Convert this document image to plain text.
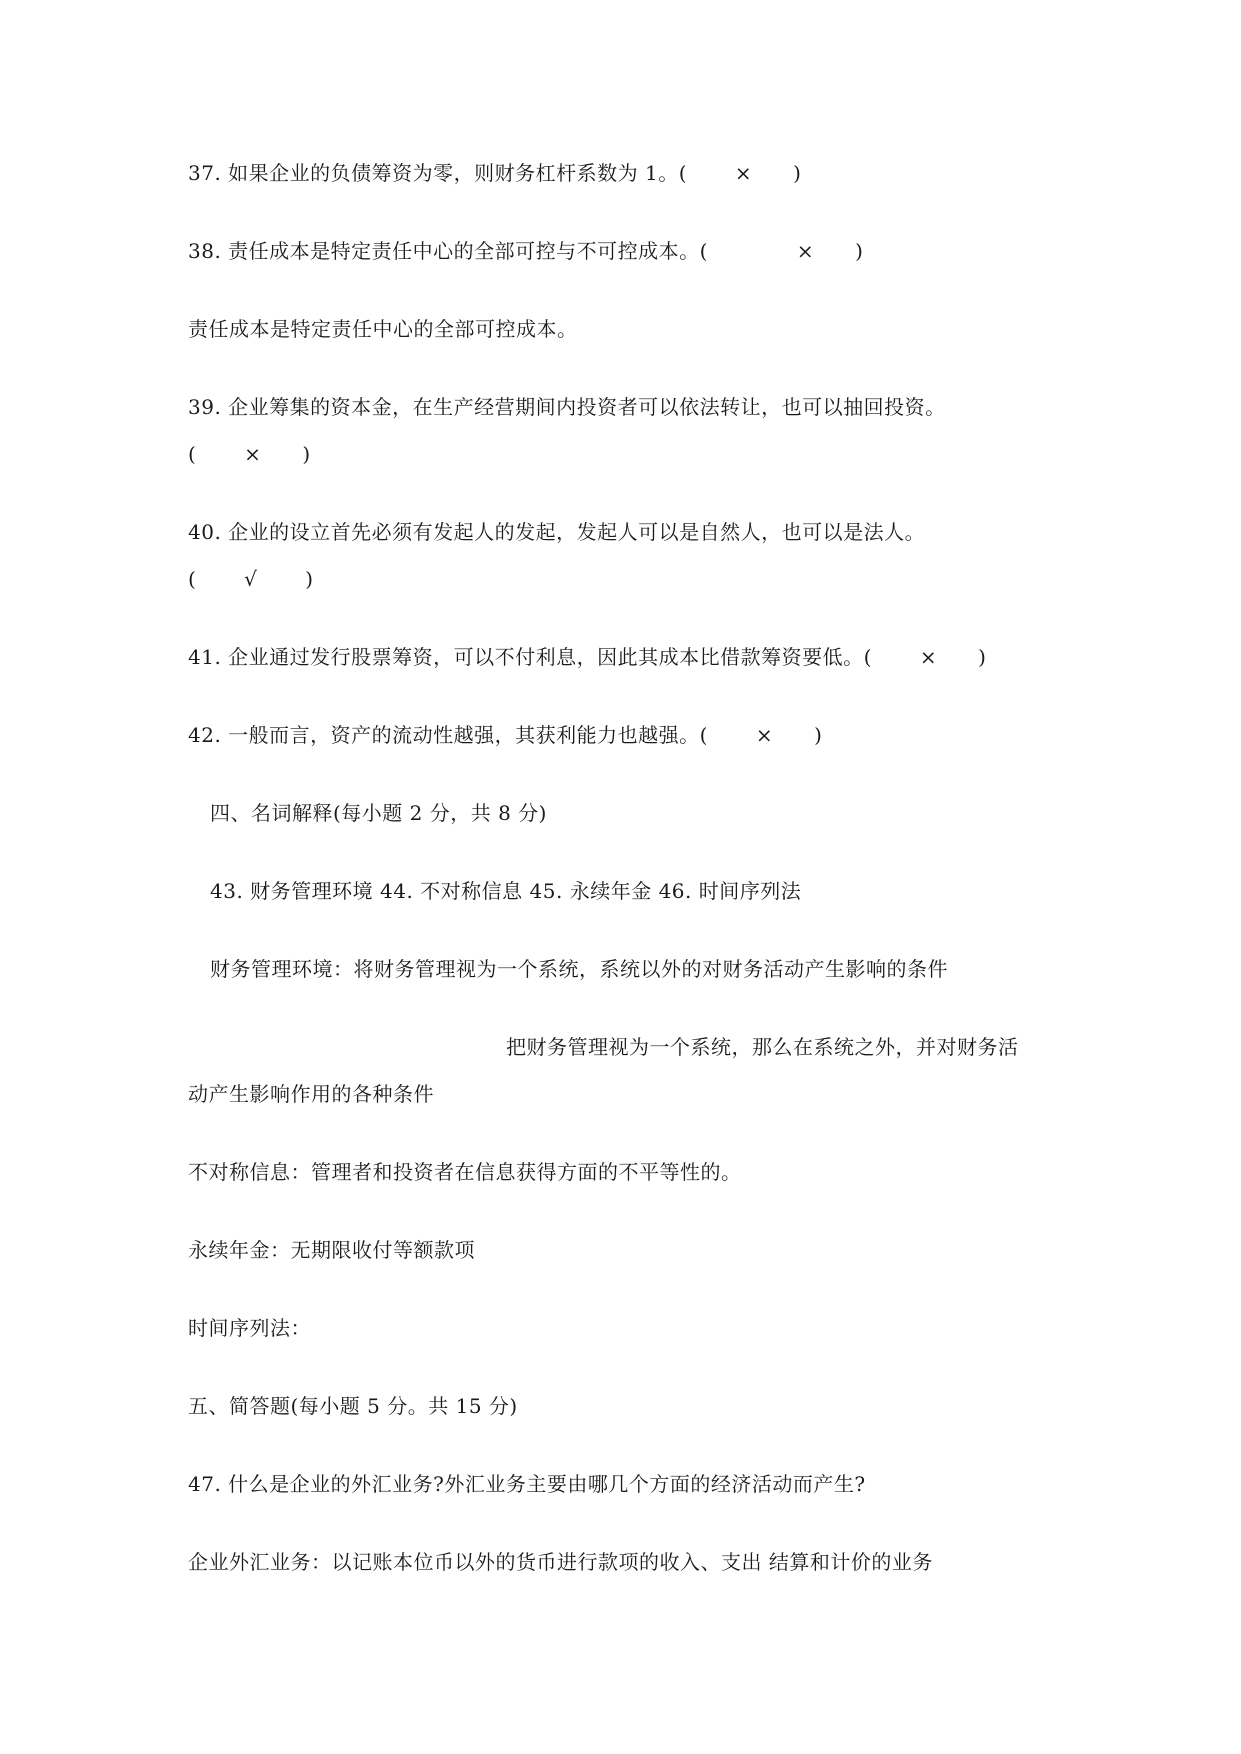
37. 如果企业的负债筹资为零，则财务杠杆系数为 1。(　　 ×　　)
38. 责任成本是特定责任中心的全部可控与不可控成本。(　　　　 ×　　)
责任成本是特定责任中心的全部可控成本。
39. 企业筹集的资本金，在生产经营期间内投资者可以依法转让，也可以抽回投资。
(　　 ×　　)
40. 企业的设立首先必须有发起人的发起，发起人可以是自然人，也可以是法人。
(　　 √　　 )
41. 企业通过发行股票筹资，可以不付利息，因此其成本比借款筹资要低。(　　 ×　　)
42. 一般而言，资产的流动性越强，其获利能力也越强。(　　 ×　　)
四、名词解释(每小题 2 分，共 8 分)
43. 财务管理环境 44. 不对称信息 45. 永续年金 46. 时间序列法
财务管理环境：将财务管理视为一个系统，系统以外的对财务活动产生影响的条件
把财务管理视为一个系统，那么在系统之外，并对财务活
动产生影响作用的各种条件
不对称信息：管理者和投资者在信息获得方面的不平等性的。
永续年金：无期限收付等额款项
时间序列法：
五、简答题(每小题 5 分。共 15 分)
47. 什么是企业的外汇业务?外汇业务主要由哪几个方面的经济活动而产生?
企业外汇业务：以记账本位币以外的货币进行款项的收入、支出 结算和计价的业务
